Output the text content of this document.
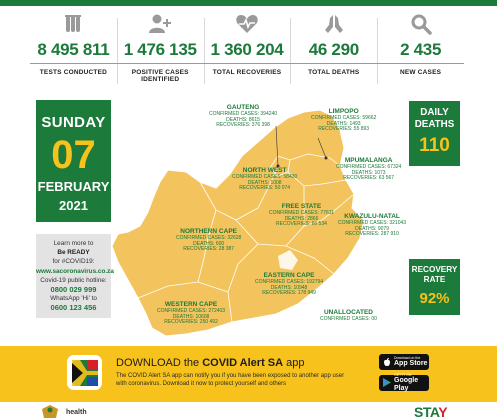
8 495 811
TESTS CONDUCTED
1 476 135
POSITIVE CASES IDENTIFIED
1 360 204
TOTAL RECOVERIES
46 290
TOTAL DEATHS
2 435
NEW CASES
SUNDAY
07
FEBRUARY
2021
Learn more to
Be READY
for #COVID19:
www.sacoronavirus.co.za
Covid-19 public hotline:
0800 029 999
WhatsApp 'Hi' to
0600 123 456
DAILY
DEATHS
110
RECOVERY
RATE
92%
GAUTENG
CONFIRMED CASES: 394240
DEATHS: 8615
RECOVERIES: 376 398
LIMPOPO
CONFIRMED CASES: 59662
DEATHS: 1493
RECOVERIES: 55 893
MPUMALANGA
CONFIRMED CASES: 67324
DEATHS: 1073
RECOVERIES: 63 567
NORTH WEST
CONFIRMED CASES: 58430
DEATHS: 1008
RECOVERIES: 50 074
FREE STATE
CONFIRMED CASES: 77611
DEATHS: 2866
RECOVERIES: 66 534
KWAZULU-NATAL
CONFIRMED CASES: 321043
DEATHS: 9079
RECOVERIES: 287 910
NORTHERN CAPE
CONFIRMED CASES: 32628
DEATHS: 600
RECOVERIES: 28 387
EASTERN CAPE
CONFIRMED CASES: 192794
DEATHS: 10948
RECOVERIES: 178 949
WESTERN CAPE
CONFIRMED CASES: 272403
DEATHS: 10608
RECOVERIES: 250 492
UNALLOCATED
CONFIRMED CASES: 00
DOWNLOAD the COVID Alert SA app
The COVID Alert SA app can notify you if you have been exposed to another app user with coronavirus. Download it now to protect yourself and others
Download on the
App Store
GET IT ON
Google Play
health	STAY
